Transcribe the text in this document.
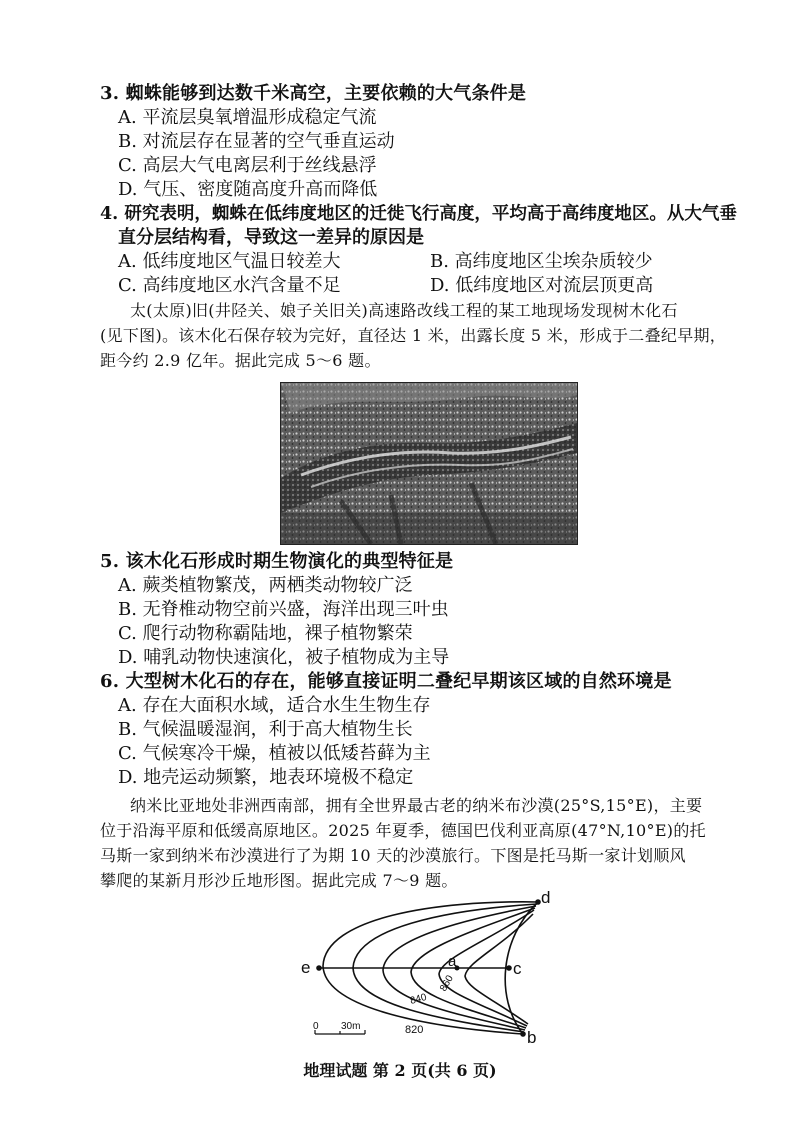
3. 蜘蛛能够到达数千米高空，主要依赖的大气条件是
A. 平流层臭氧增温形成稳定气流
B. 对流层存在显著的空气垂直运动
C. 高层大气电离层利于丝线悬浮
D. 气压、密度随高度升高而降低
4. 研究表明，蜘蛛在低纬度地区的迁徙飞行高度，平均高于高纬度地区。从大气垂
直分层结构看，导致这一差异的原因是
A. 低纬度地区气温日较差大	B. 高纬度地区尘埃杂质较少
C. 高纬度地区水汽含量不足	D. 低纬度地区对流层顶更高
太(太原)旧(井陉关、娘子关旧关)高速路改线工程的某工地现场发现树木化石
(见下图)。该木化石保存较为完好，直径达 1 米，出露长度 5 米，形成于二叠纪早期，
距今约 2.9 亿年。据此完成 5～6 题。
5. 该木化石形成时期生物演化的典型特征是
A. 蕨类植物繁茂，两栖类动物较广泛
B. 无脊椎动物空前兴盛，海洋出现三叶虫
C. 爬行动物称霸陆地，裸子植物繁荣
D. 哺乳动物快速演化，被子植物成为主导
6. 大型树木化石的存在，能够直接证明二叠纪早期该区域的自然环境是
A. 存在大面积水域，适合水生生物生存
B. 气候温暖湿润，利于高大植物生长
C. 气候寒冷干燥，植被以低矮苔藓为主
D. 地壳运动频繁，地表环境极不稳定
纳米比亚地处非洲西南部，拥有全世界最古老的纳米布沙漠(25°S,15°E)，主要
位于沿海平原和低缓高原地区。2025 年夏季，德国巴伐利亚高原(47°N,10°E)的托
马斯一家到纳米布沙漠进行了为期 10 天的沙漠旅行。下图是托马斯一家计划顺风
攀爬的某新月形沙丘地形图。据此完成 7～9 题。
e	c
d
b
a
860
840
820
0 30m
地理试题 第 2 页(共 6 页)
